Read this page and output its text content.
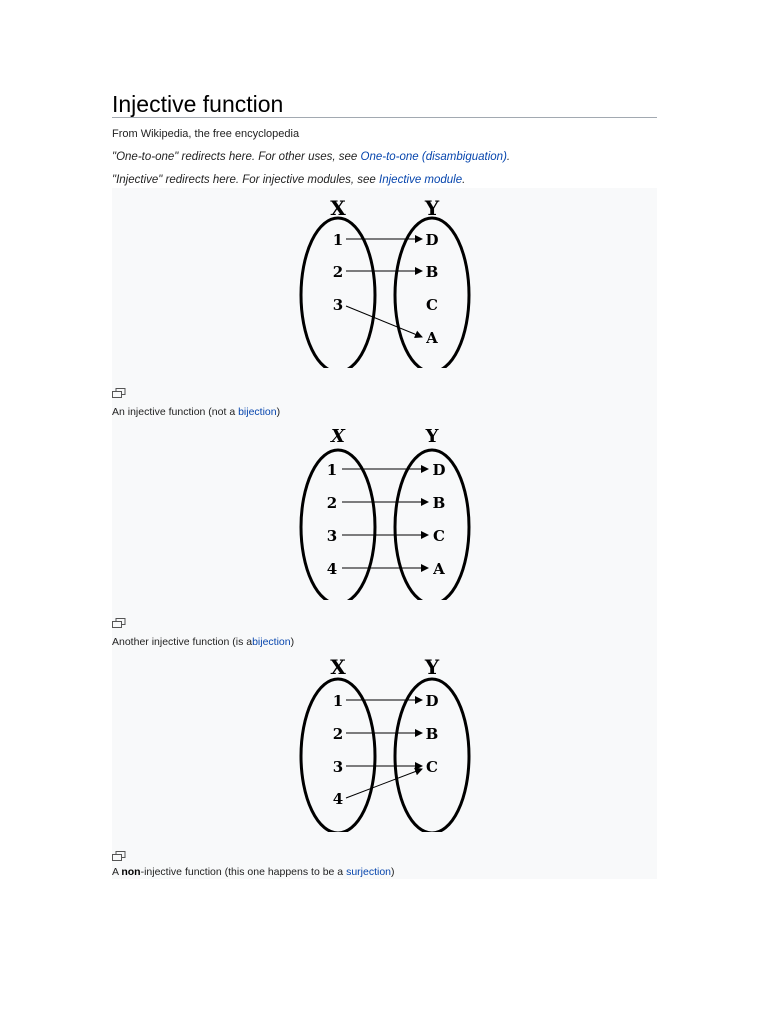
Injective function
From Wikipedia, the free encyclopedia
"One-to-one" redirects here. For other uses, see One-to-one (disambiguation).
"Injective" redirects here. For injective modules, see Injective module.
X	Y
1
2
3
D
B
C
A
An injective function (not a bijection)
X	Y
1
2
3
4
D
B
C
A
Another injective function (is abijection)
X	Y
1
2
3
4
D
B
C
A non-injective function (this one happens to be a surjection)
